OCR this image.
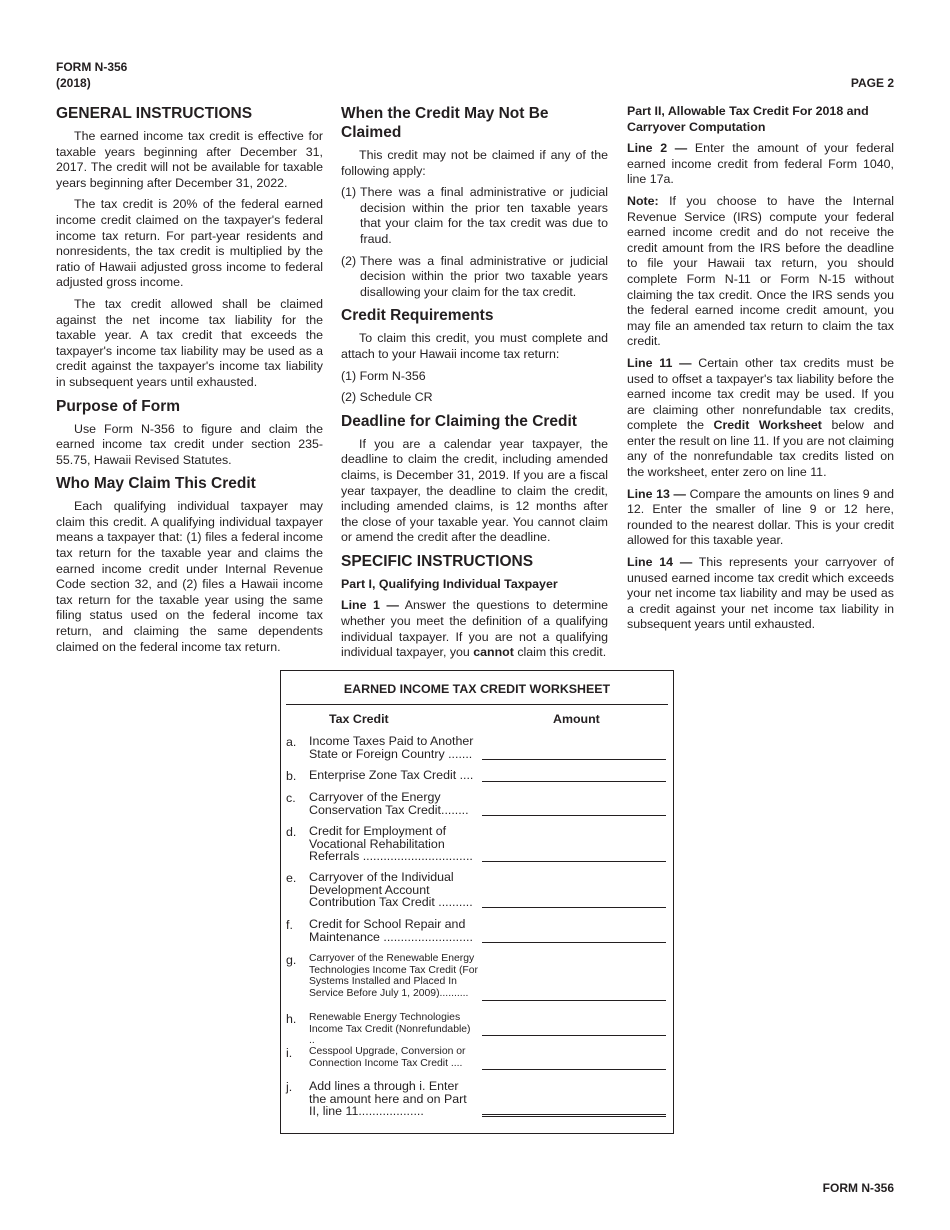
FORM N-356
(2018)	PAGE 2
GENERAL INSTRUCTIONS

The earned income tax credit is effective for taxable years beginning after December 31, 2017. The credit will not be available for taxable years beginning after December 31, 2022.

The tax credit is 20% of the federal earned income credit claimed on the taxpayer's federal income tax return. For part-year residents and nonresidents, the tax credit is multiplied by the ratio of Hawaii adjusted gross income to federal adjusted gross income.

The tax credit allowed shall be claimed against the net income tax liability for the taxable year. A tax credit that exceeds the taxpayer's income tax liability may be used as a credit against the taxpayer's income tax liability in subsequent years until exhausted.

Purpose of Form

Use Form N-356 to figure and claim the earned income tax credit under section 235-55.75, Hawaii Revised Statutes.

Who May Claim This Credit

Each qualifying individual taxpayer may claim this credit. A qualifying individual taxpayer means a taxpayer that: (1) files a federal income tax return for the taxable year and claims the earned income credit under Internal Revenue Code section 32, and (2) files a Hawaii income tax return for the taxable year using the same filing status used on the federal income tax return, and claiming the same dependents claimed on the federal income tax return.

When the Credit May Not Be Claimed

This credit may not be claimed if any of the following apply:

(1) There was a final administrative or judicial decision within the prior ten taxable years that your claim for the tax credit was due to fraud.
(2) There was a final administrative or judicial decision within the prior two taxable years disallowing your claim for the tax credit.
Credit Requirements

To claim this credit, you must complete and attach to your Hawaii income tax return:

(1) Form N-356
(2) Schedule CR
Deadline for Claiming the Credit

If you are a calendar year taxpayer, the deadline to claim the credit, including amended claims, is December 31, 2019. If you are a fiscal year taxpayer, the deadline to claim the credit, including amended claims, is 12 months after the close of your taxable year. You cannot claim or amend the credit after the deadline.

SPECIFIC INSTRUCTIONS
Part I, Qualifying Individual Taxpayer

Line 1 — Answer the questions to determine whether you meet the definition of a qualifying individual taxpayer. If you are not a qualifying individual taxpayer, you cannot claim this credit.

Part II, Allowable Tax Credit For 2018 and Carryover Computation

Line 2 — Enter the amount of your federal earned income credit from federal Form 1040, line 17a.

Note: If you choose to have the Internal Revenue Service (IRS) compute your federal earned income credit and do not receive the credit amount from the IRS before the deadline to file your Hawaii tax return, you should complete Form N-11 or Form N-15 without claiming the tax credit. Once the IRS sends you the federal earned income credit amount, you may file an amended tax return to claim the tax credit.

Line 11 — Certain other tax credits must be used to offset a taxpayer's tax liability before the earned income tax credit may be used. If you are claiming other nonrefundable tax credits, complete the Credit Worksheet below and enter the result on line 11. If you are not claiming any of the nonrefundable tax credits listed on the worksheet, enter zero on line 11.

Line 13 — Compare the amounts on lines 9 and 12. Enter the smaller of line 9 or 12 here, rounded to the nearest dollar. This is your credit allowed for this taxable year.

Line 14 — This represents your carryover of unused earned income tax credit which exceeds your net income tax liability and may be used as a credit against your net income tax liability in subsequent years until exhausted.

EARNED INCOME TAX CREDIT WORKSHEET
Tax Credit	Amount
a. Income Taxes Paid to Another State or Foreign Country .......
b. Enterprise Zone Tax Credit ....
c. Carryover of the Energy Conservation Tax Credit........
d. Credit for Employment of Vocational Rehabilitation Referrals ................................
e. Carryover of the Individual Development Account Contribution Tax Credit ..........
f. Credit for School Repair and Maintenance ..........................
g. Carryover of the Renewable Energy Technologies Income Tax Credit (For Systems Installed and Placed In Service Before July 1, 2009)..........
h. Renewable Energy Technologies Income Tax Credit (Nonrefundable) ..
i. Cesspool Upgrade, Conversion or Connection Income Tax Credit ....
j. Add lines a through i. Enter the amount here and on Part II, line 11...................
FORM N-356
